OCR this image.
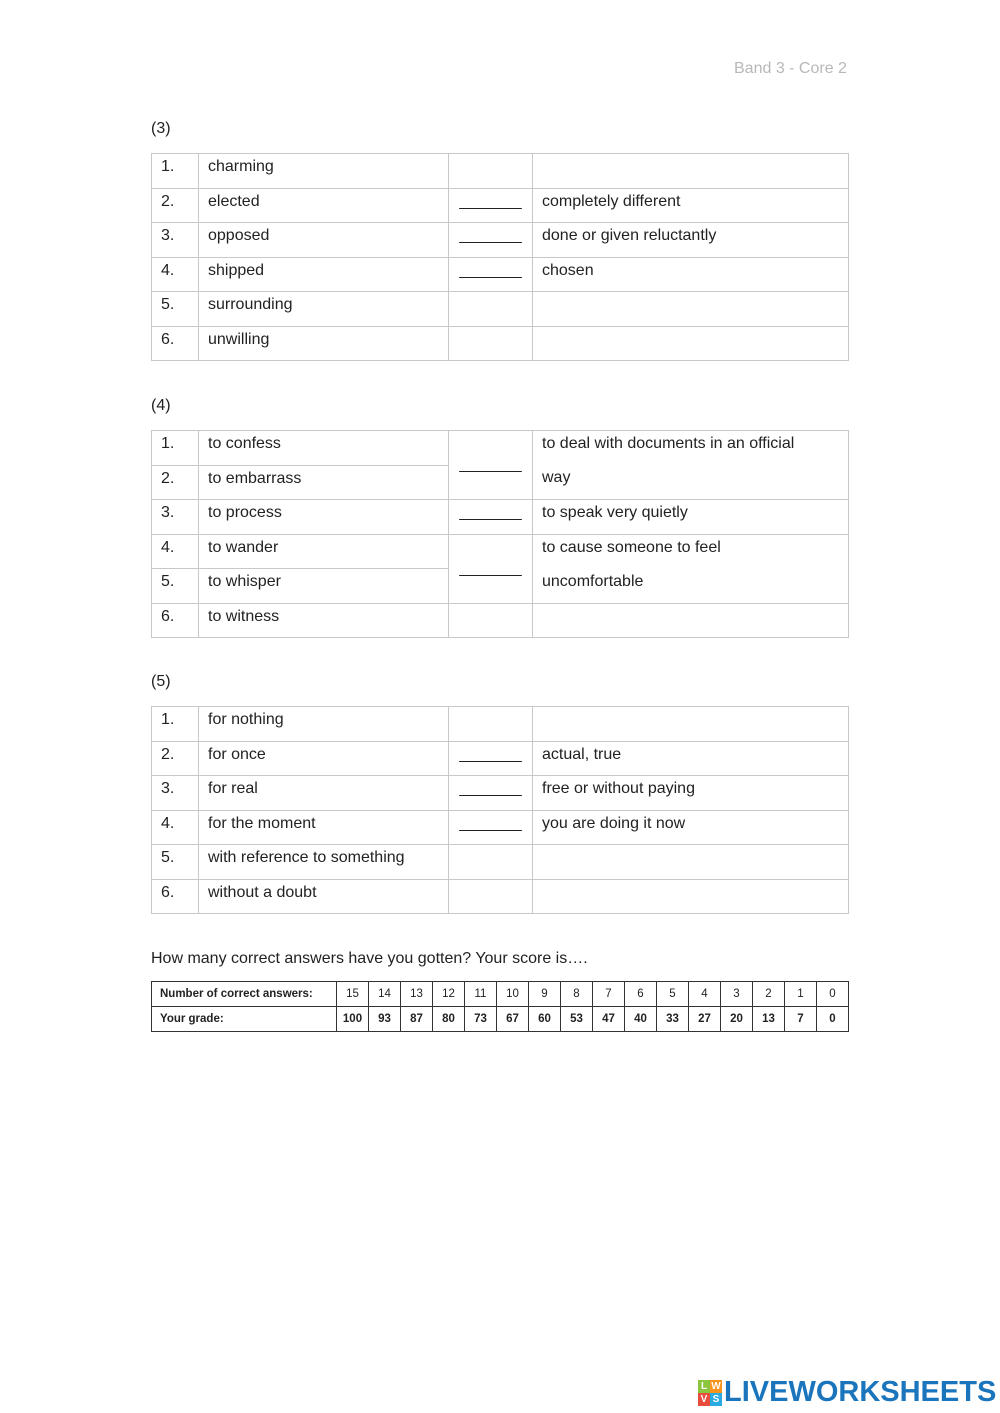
Band 3 - Core 2
(3)
1.	charming		
2.	elected	_______	completely different
3.	opposed	_______	done or given reluctantly
4.	shipped	_______	chosen
5.	surrounding		
6.	unwilling		
(4)
1.	to confess	_______	to deal with documents in an official
way

2.	to embarrass		
3.	to process	_______	to speak very quietly
4.	to wander	_______	to cause someone to feel
uncomfortable

5.	to whisper		
6.	to witness		
(5)
1.	for nothing		
2.	for once	_______	actual, true
3.	for real	_______	free or without paying
4.	for the moment	_______	you are doing it now
5.	with reference to something		
6.	without a doubt		
How many correct answers have you gotten? Your score is….
Number of correct answers:	15	14	13	12	11	10	9	8	7	6	5	4	3	2	1	0
Your grade:	100	93	87	80	73	67	60	53	47	40	33	27	20	13	7	0
L W
V S LIVEWORKSHEETS
